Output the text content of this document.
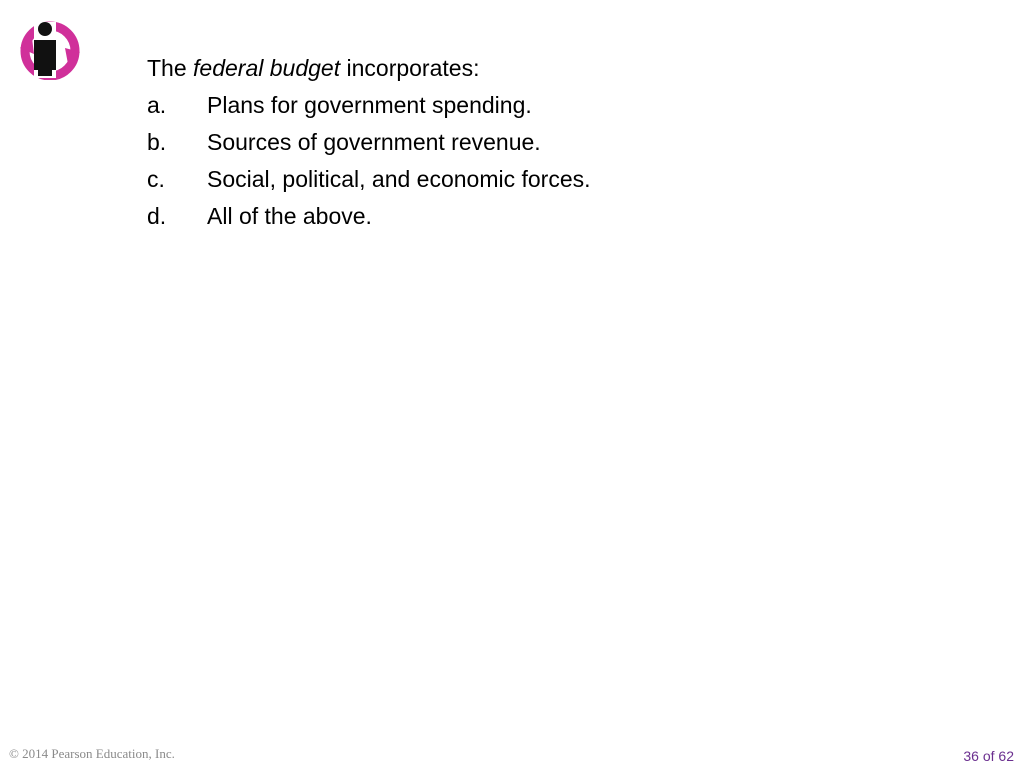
The federal budget incorporates:
a.	Plans for government spending.
b.	Sources of government revenue.
c.	Social, political, and economic forces.
d.	All of the above.
© 2014 Pearson Education, Inc.	36 of 62
